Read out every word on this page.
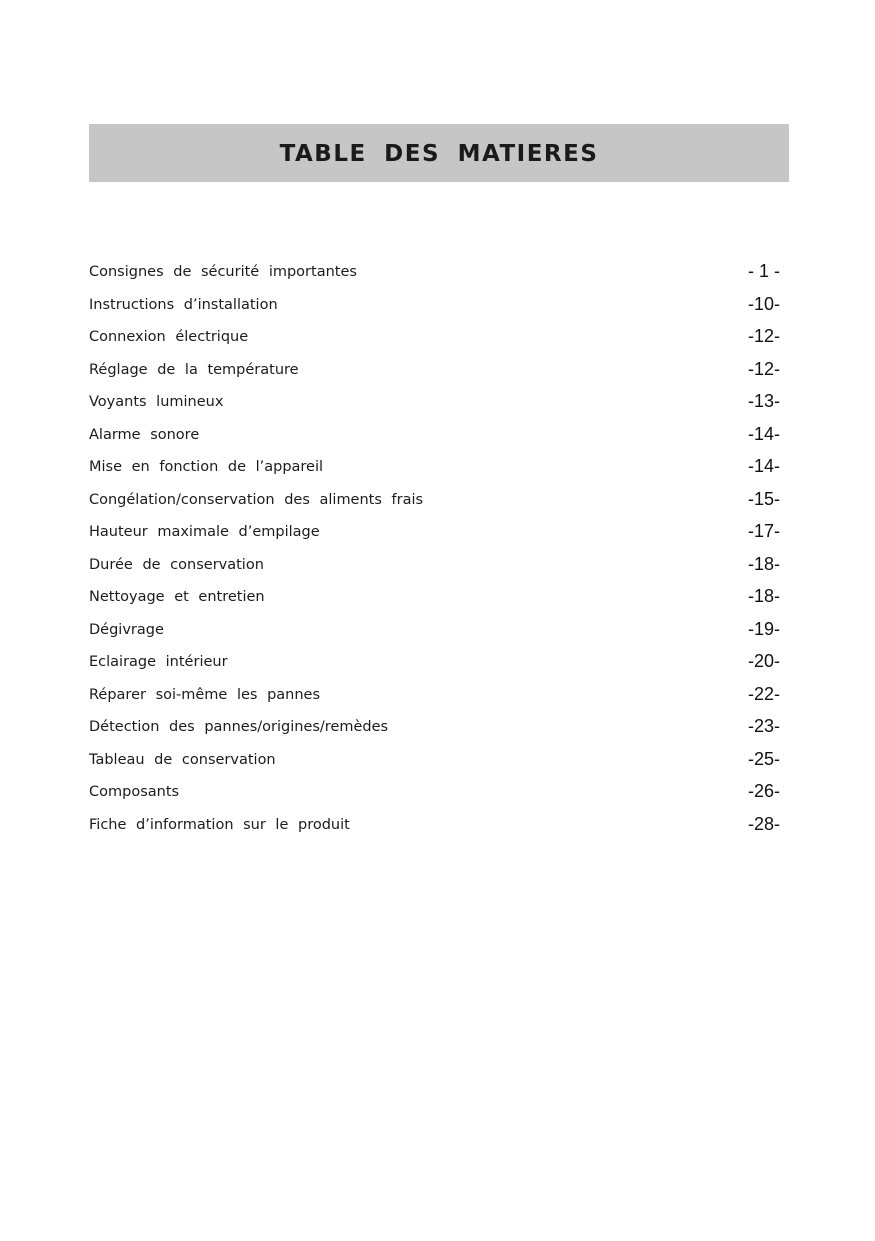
TABLE DES MATIERES
Consignes de sécurité importantes	- 1 -
Instructions d’installation	-10-
Connexion électrique	-12-
Réglage de la température	-12-
Voyants lumineux	-13-
Alarme sonore	-14-
Mise en fonction de l’appareil	-14-
Congélation/conservation des aliments frais	-15-
Hauteur maximale d’empilage	-17-
Durée de conservation	-18-
Nettoyage et entretien	-18-
Dégivrage	-19-
Eclairage intérieur	-20-
Réparer soi-même les pannes	-22-
Détection des pannes/origines/remèdes	-23-
Tableau de conservation	-25-
Composants	-26-
Fiche d’information sur le produit	-28-
